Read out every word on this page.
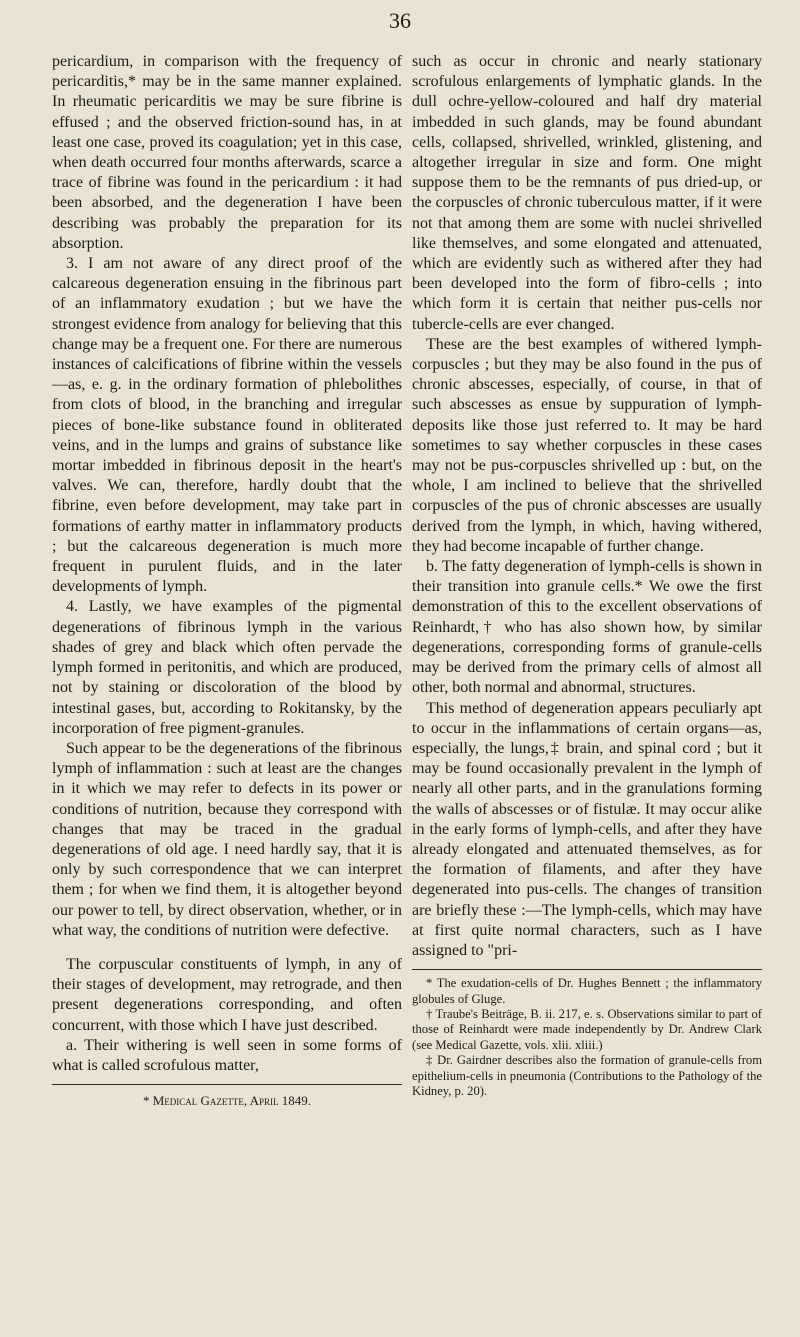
36

pericardium, in comparison with the frequency of pericarditis,* may be in the same manner explained. In rheumatic pericarditis we may be sure fibrine is effused ; and the observed friction-sound has, in at least one case, proved its coagulation; yet in this case, when death occurred four months afterwards, scarce a trace of fibrine was found in the pericardium : it had been absorbed, and the degeneration I have been describing was probably the preparation for its absorption.

3. I am not aware of any direct proof of the calcareous degeneration ensuing in the fibrinous part of an inflammatory exudation ; but we have the strongest evidence from analogy for believing that this change may be a frequent one. For there are numerous instances of calcifications of fibrine within the vessels—as, e. g. in the ordinary formation of phlebolithes from clots of blood, in the branching and irregular pieces of bone-like substance found in obliterated veins, and in the lumps and grains of substance like mortar imbedded in fibrinous deposit in the heart's valves. We can, therefore, hardly doubt that the fibrine, even before development, may take part in formations of earthy matter in inflammatory products ; but the calcareous degeneration is much more frequent in purulent fluids, and in the later developments of lymph.

4. Lastly, we have examples of the pigmental degenerations of fibrinous lymph in the various shades of grey and black which often pervade the lymph formed in peritonitis, and which are produced, not by staining or discoloration of the blood by intestinal gases, but, according to Rokitansky, by the incorporation of free pigment-granules.

Such appear to be the degenerations of the fibrinous lymph of inflammation : such at least are the changes in it which we may refer to defects in its power or conditions of nutrition, because they correspond with changes that may be traced in the gradual degenerations of old age. I need hardly say, that it is only by such correspondence that we can interpret them ; for when we find them, it is altogether beyond our power to tell, by direct observation, whether, or in what way, the conditions of nutrition were defective.

The corpuscular constituents of lymph, in any of their stages of development, may retrograde, and then present degenerations corresponding, and often concurrent, with those which I have just described.

a. Their withering is well seen in some forms of what is called scrofulous matter,

* Medical Gazette, April 1849.

such as occur in chronic and nearly stationary scrofulous enlargements of lymphatic glands. In the dull ochre-yellow-coloured and half dry material imbedded in such glands, may be found abundant cells, collapsed, shrivelled, wrinkled, glistening, and altogether irregular in size and form. One might suppose them to be the remnants of pus dried-up, or the corpuscles of chronic tuberculous matter, if it were not that among them are some with nuclei shrivelled like themselves, and some elongated and attenuated, which are evidently such as withered after they had been developed into the form of fibro-cells ; into which form it is certain that neither pus-cells nor tubercle-cells are ever changed.

These are the best examples of withered lymph-corpuscles ; but they may be also found in the pus of chronic abscesses, especially, of course, in that of such abscesses as ensue by suppuration of lymph-deposits like those just referred to. It may be hard sometimes to say whether corpuscles in these cases may not be pus-corpuscles shrivelled up : but, on the whole, I am inclined to believe that the shrivelled corpuscles of the pus of chronic abscesses are usually derived from the lymph, in which, having withered, they had become incapable of further change.

b. The fatty degeneration of lymph-cells is shown in their transition into granule cells.* We owe the first demonstration of this to the excellent observations of Reinhardt,† who has also shown how, by similar degenerations, corresponding forms of granule-cells may be derived from the primary cells of almost all other, both normal and abnormal, structures.

This method of degeneration appears peculiarly apt to occur in the inflammations of certain organs—as, especially, the lungs,‡ brain, and spinal cord ; but it may be found occasionally prevalent in the lymph of nearly all other parts, and in the granulations forming the walls of abscesses or of fistulæ. It may occur alike in the early forms of lymph-cells, and after they have already elongated and attenuated themselves, as for the formation of filaments, and after they have degenerated into pus-cells. The changes of transition are briefly these :—The lymph-cells, which may have at first quite normal characters, such as I have assigned to "pri-

* The exudation-cells of Dr. Hughes Bennett ; the inflammatory globules of Gluge.

† Traube's Beiträge, B. ii. 217, e. s. Observations similar to part of those of Reinhardt were made independently by Dr. Andrew Clark (see Medical Gazette, vols. xlii. xliii.)

‡ Dr. Gairdner describes also the formation of granule-cells from epithelium-cells in pneumonia (Contributions to the Pathology of the Kidney, p. 20).
